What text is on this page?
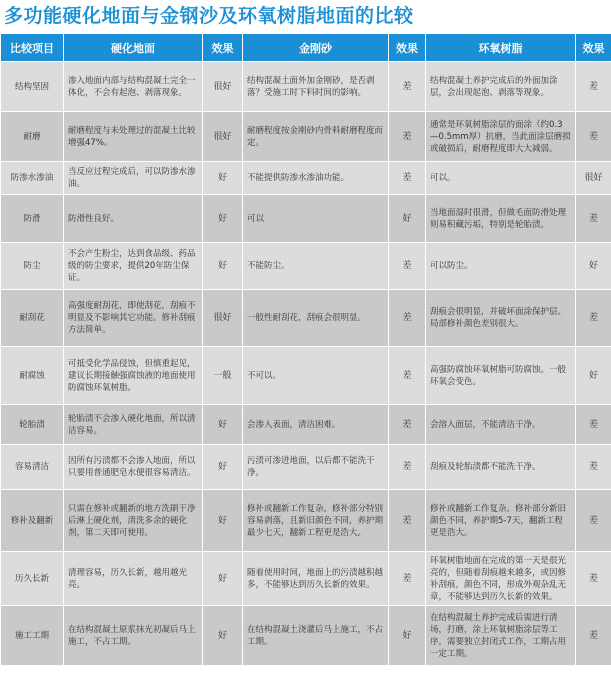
多功能硬化地面与金钢沙及环氧树脂地面的比较
比较项目	硬化地面	效果	金刚砂	效果	环氧树脂	效果
结构坚固	渗入地面内部与结构混凝土完全一体化，不会有起泡、剥落现象。	很好	结构混凝土面外加金刚砂，是否剥落？受施工时下料时间的影响。	差	结构混凝土养护完成后的外面加涂层，会出现起泡、剥落等现象。	差
耐磨	耐磨程度与未处理过的混凝土比较增强47%。	很好	耐磨程度按金刚砂内骨料耐磨程度而定。	差	通常是环氧树脂涂层的面涂（约0.3—0.5mm厚）抗磨，当此面涂层磨损或破损后，耐磨程度即大大减弱。	差
防渗水渗油	当反应过程完成后，可以防渗水渗油。	好	不能提供防渗水渗油功能。	差	可以。	很好
防滑	防滑性良好。	好	可以	好	当地面湿时很滑，但做毛面防滑处理则易积藏污垢，特别是轮胎渍。	差
防尘	不会产生粉尘，达到食品级、药品级的防尘要求，提供20年防尘保证。	好	不能防尘。	差	可以防尘。	好
耐刮花	高强度耐刮花，即使刮花，刮痕不明显及不影响其它功能。修补刮痕方法简单。	很好	一般性耐刮花，刮痕会很明显。	差	刮痕会很明显，并破坏面涂保护层。局部修补颜色差别很大。	差
耐腐蚀	可抵受化学品侵蚀，但慎重起见，建议长期接触强腐蚀液的地面使用防腐蚀环氧树脂。	一般	不可以。	差	高强防腐蚀环氧树脂可防腐蚀。一般环氧会变色。	好
轮胎渍	轮胎渍不会渗入硬化地面，所以清洁容易。	好	会渗入表面，清洁困难。	差	会溶入面层，不能清洁干净。	差
容易清洁	因所有污渍都不会渗入地面，所以只要用普通肥皂水便很容易清洁。	好	污渍可渗进地面，以后都不能洗干净。	差	刮痕及轮胎渍都不能洗干净。	差
修补及翻新	只需在修补或翻新的地方洗刷干净后淋上硬化剂，清洗多余的硬化剂，第二天即可使用。	好	修补或翻新工作复杂。修补部分特别容易剥落，且新旧颜色不同，养护期最少七天，翻新工程更是浩大。	差	修补或翻新工作复杂。修补部分新旧颜色不同，养护期5-7天，翻新工程更是浩大。	差
历久长新	清理容易，历久长新，越用越光亮。	好	随着使用时间，地面上的污渍越积越多，不能够达到历久长新的效果。	差	环氧树脂地面在完成的第一天是很光亮的，但随着刮痕越来越多，或因修补刮痕，颜色不同，形成外观杂乱无章，不能够达到历久长新的效果。	差
施工工期	在结构混凝土原浆抹光初凝后马上施工，不占工期。	好	在结构混凝土浇灌后马上施工，不占工期。	好	在结构混凝土养护完成后需进行清场，打磨，涂上环氧树脂涂层等工序，需要独立封闭式工作，工期占用一定工期。	差
